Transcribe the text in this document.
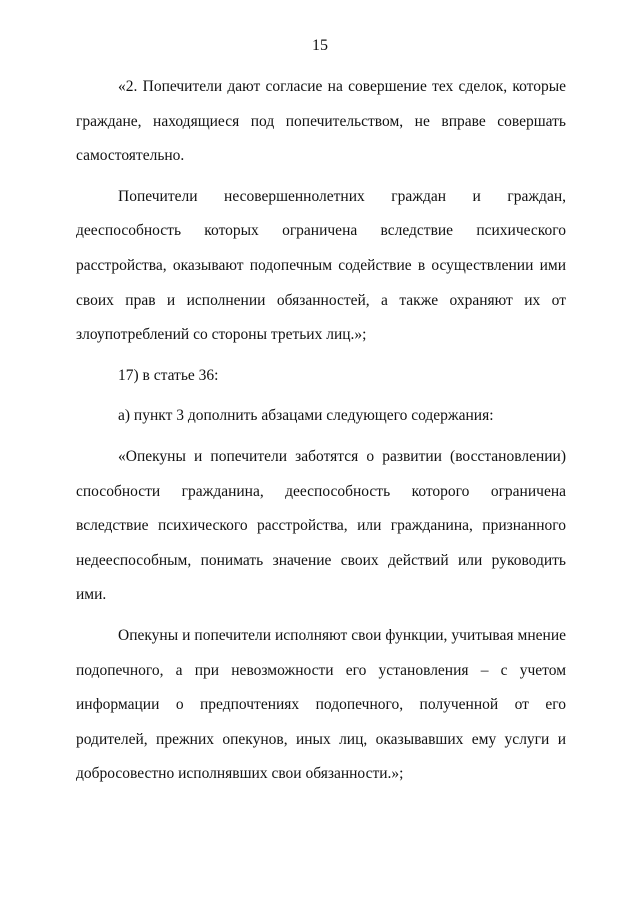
15

«2. Попечители дают согласие на совершение тех сделок, которые граждане, находящиеся под попечительством, не вправе совершать самостоятельно.

Попечители несовершеннолетних граждан и граждан, дееспособность которых ограничена вследствие психического расстройства, оказывают подопечным содействие в осуществлении ими своих прав и исполнении обязанностей, а также охраняют их от злоупотреблений со стороны третьих лиц.»;

17) в статье 36:

а) пункт 3 дополнить абзацами следующего содержания:

«Опекуны и попечители заботятся о развитии (восстановлении) способности гражданина, дееспособность которого ограничена вследствие психического расстройства, или гражданина, признанного недееспособным, понимать значение своих действий или руководить ими.

Опекуны и попечители исполняют свои функции, учитывая мнение подопечного, а при невозможности его установления – с учетом информации о предпочтениях подопечного, полученной от его родителей, прежних опекунов, иных лиц, оказывавших ему услуги и добросовестно исполнявших свои обязанности.»;
